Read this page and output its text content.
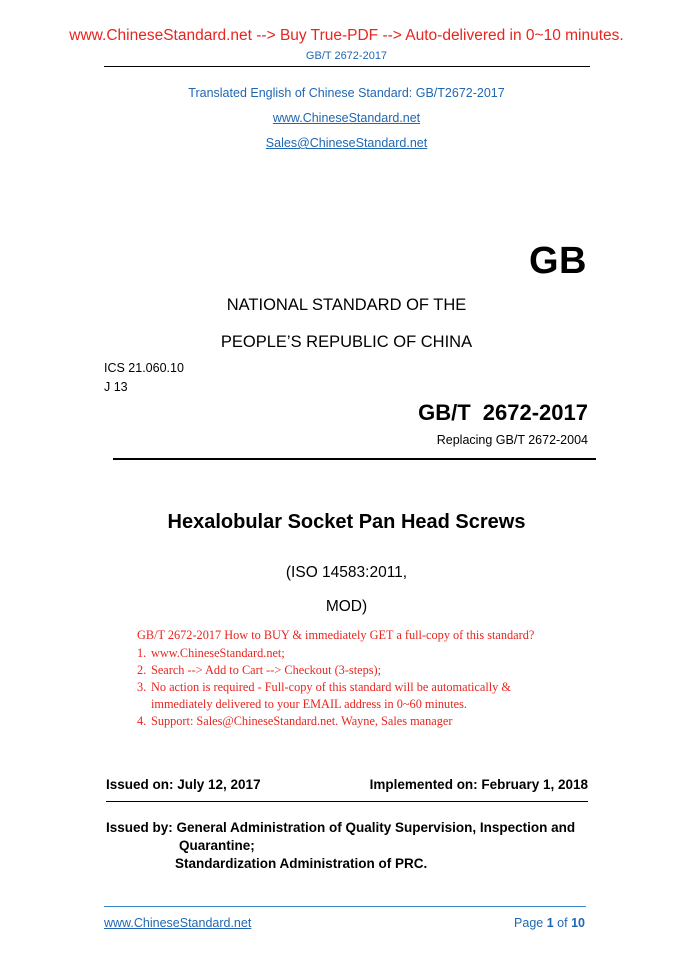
www.ChineseStandard.net --> Buy True-PDF --> Auto-delivered in 0~10 minutes.
GB/T 2672-2017
Translated English of Chinese Standard: GB/T2672-2017
www.ChineseStandard.net
Sales@ChineseStandard.net
GB
NATIONAL STANDARD OF THE
PEOPLE’S REPUBLIC OF CHINA
ICS 21.060.10
J 13
GB/T 2672-2017
Replacing GB/T 2672-2004
Hexalobular Socket Pan Head Screws
(ISO 14583:2011,
MOD)
GB/T 2672-2017 How to BUY & immediately GET a full-copy of this standard?
1. www.ChineseStandard.net;
2. Search --> Add to Cart --> Checkout (3-steps);
3. No action is required - Full-copy of this standard will be automatically &
immediately delivered to your EMAIL address in 0~60 minutes.
4. Support: Sales@ChineseStandard.net. Wayne, Sales manager
Issued on: July 12, 2017	Implemented on: February 1, 2018
Issued by: General Administration of Quality Supervision, Inspection and
Quarantine;
Standardization Administration of PRC.
www.ChineseStandard.net	Page 1 of 10
